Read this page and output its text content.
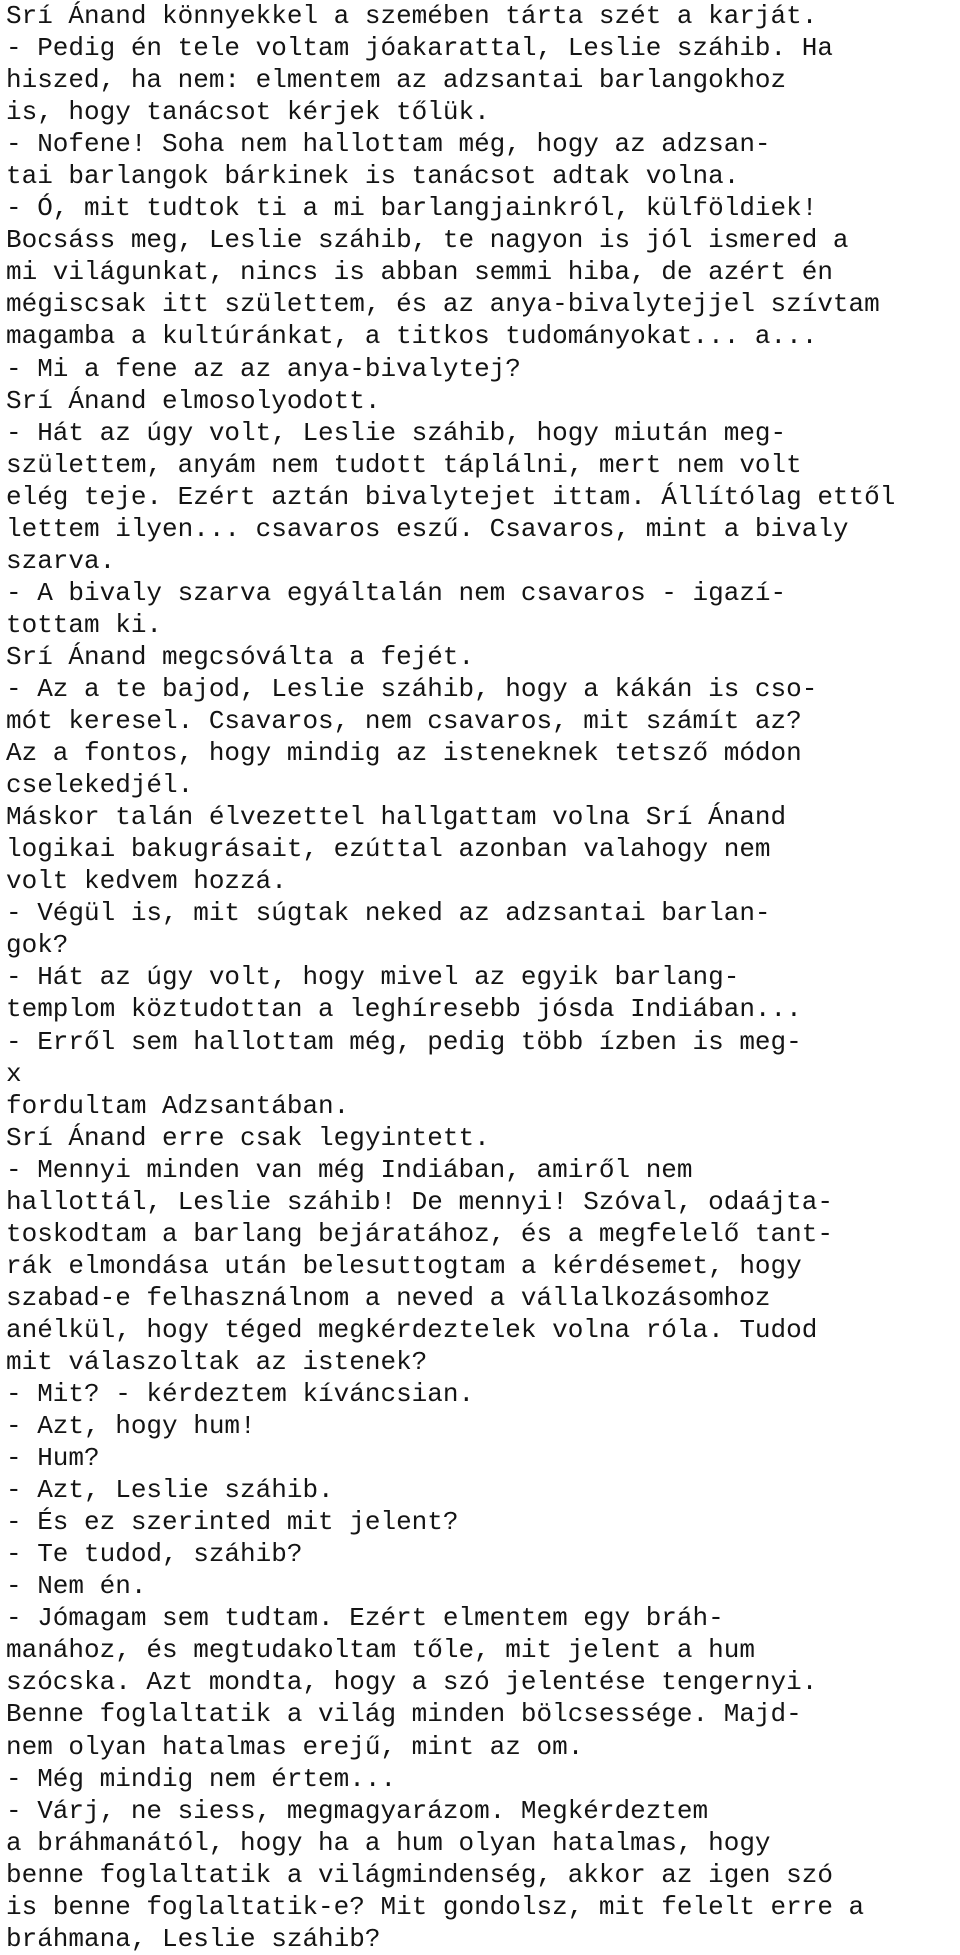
Srí Ánand könnyekkel a szemében tárta szét a karját.
- Pedig én tele voltam jóakarattal, Leslie száhib. Ha
hiszed, ha nem: elmentem az adzsantai barlangokhoz
is, hogy tanácsot kérjek tőlük.
- Nofene! Soha nem hallottam még, hogy az adzsan-
tai barlangok bárkinek is tanácsot adtak volna.
- Ó, mit tudtok ti a mi barlangjainkról, külföldiek!
Bocsáss meg, Leslie száhib, te nagyon is jól ismered a
mi világunkat, nincs is abban semmi hiba, de azért én
mégiscsak itt születtem, és az anya-bivalytejjel szívtam
magamba a kultúránkat, a titkos tudományokat... a...
- Mi a fene az az anya-bivalytej?
Srí Ánand elmosolyodott.
- Hát az úgy volt, Leslie száhib, hogy miután meg-
születtem, anyám nem tudott táplálni, mert nem volt
elég teje. Ezért aztán bivalytejet ittam. Állítólag ettől
lettem ilyen... csavaros eszű. Csavaros, mint a bivaly
szarva.
- A bivaly szarva egyáltalán nem csavaros - igazí-
tottam ki.
Srí Ánand megcsóválta a fejét.
- Az a te bajod, Leslie száhib, hogy a kákán is cso-
mót keresel. Csavaros, nem csavaros, mit számít az?
Az a fontos, hogy mindig az isteneknek tetsző módon
cselekedjél.
Máskor talán élvezettel hallgattam volna Srí Ánand
logikai bakugrásait, ezúttal azonban valahogy nem
volt kedvem hozzá.
- Végül is, mit súgtak neked az adzsantai barlan-
gok?
- Hát az úgy volt, hogy mivel az egyik barlang-
templom köztudottan a leghíresebb jósda Indiában...
- Erről sem hallottam még, pedig több ízben is meg-
x
fordultam Adzsantában.
Srí Ánand erre csak legyintett.
- Mennyi minden van még Indiában, amiről nem
hallottál, Leslie száhib! De mennyi! Szóval, odaájta-
toskodtam a barlang bejáratához, és a megfelelő tant-
rák elmondása után belesuttogtam a kérdésemet, hogy
szabad-e felhasználnom a neved a vállalkozásomhoz
anélkül, hogy téged megkérdeztelek volna róla. Tudod
mit válaszoltak az istenek?
- Mit? - kérdeztem kíváncsian.
- Azt, hogy hum!
- Hum?
- Azt, Leslie száhib.
- És ez szerinted mit jelent?
- Te tudod, száhib?
- Nem én.
- Jómagam sem tudtam. Ezért elmentem egy bráh-
manához, és megtudakoltam tőle, mit jelent a hum
szócska. Azt mondta, hogy a szó jelentése tengernyi.
Benne foglaltatik a világ minden bölcsessége. Majd-
nem olyan hatalmas erejű, mint az om.
- Még mindig nem értem...
- Várj, ne siess, megmagyarázom. Megkérdeztem
a bráhmanától, hogy ha a hum olyan hatalmas, hogy
benne foglaltatik a világmindenség, akkor az igen szó
is benne foglaltatik-e? Mit gondolsz, mit felelt erre a
bráhmana, Leslie száhib?
